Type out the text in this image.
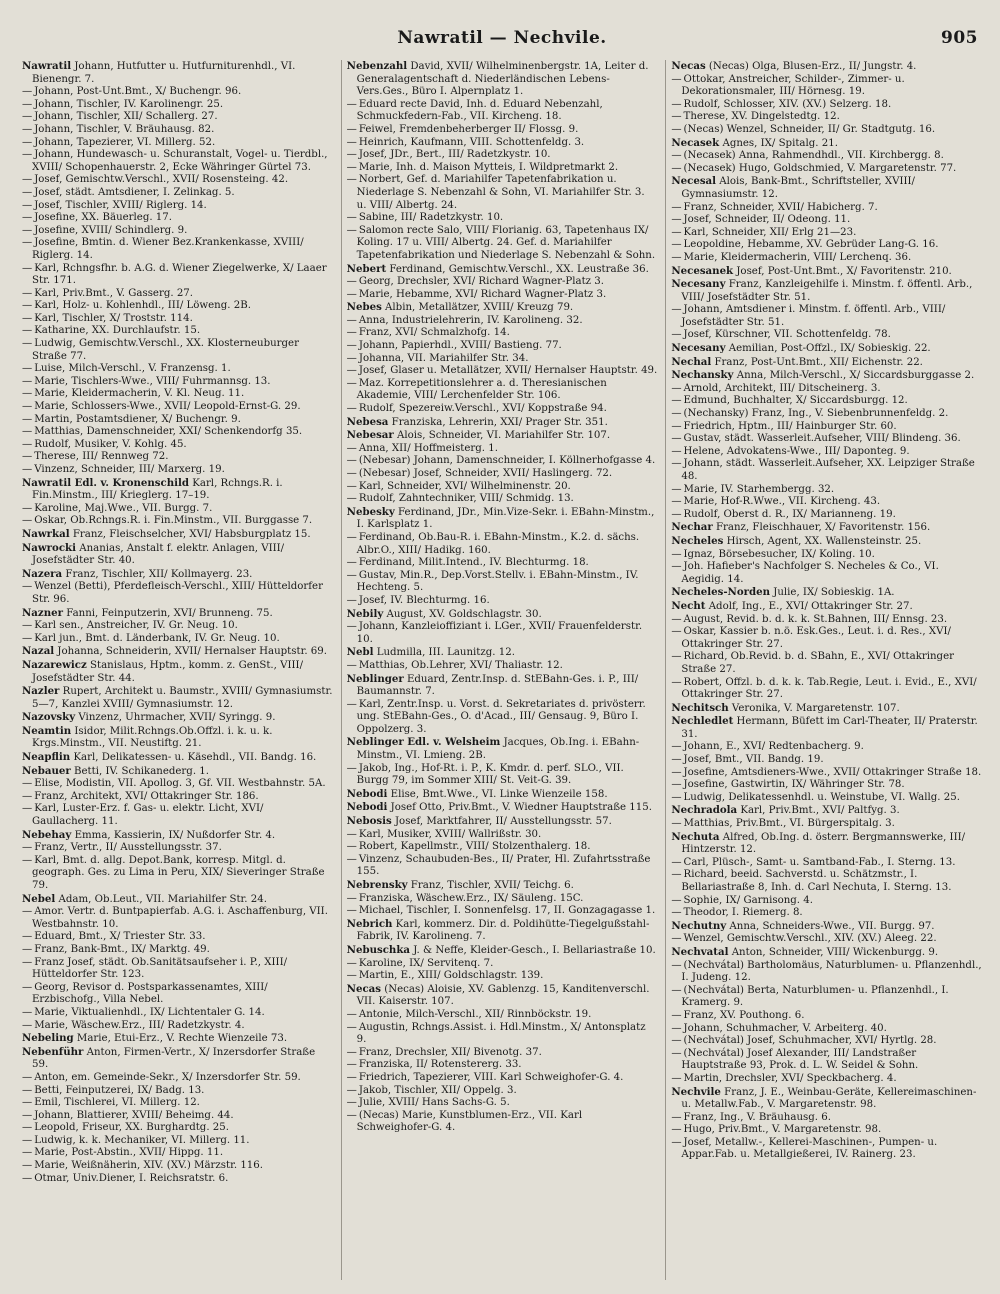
Nawratil — Nechvile.	905

Nawratil Johann, Hutfutter u. Hutfurniturenhdl., VI. Bienengr. 7.

— Johann, Post-Unt.Bmt., X/ Buchengr. 96.

— Johann, Tischler, IV. Karolinengr. 25.

— Johann, Tischler, XII/ Schallerg. 27.

— Johann, Tischler, V. Bräuhausg. 82.

— Johann, Tapezierer, VI. Millerg. 52.

— Johann, Hundewasch- u. Schuranstalt, Vogel- u. Tierdbl., XVIII/ Schopenhauerstr. 2, Ecke Währinger Gürtel 73.

— Josef, Gemischtw.Verschl., XVII/ Rosensteing. 42.

— Josef, städt. Amtsdiener, I. Zelinkag. 5.

— Josef, Tischler, XVIII/ Riglerg. 14.

— Josefine, XX. Bäuerleg. 17.

— Josefine, XVIII/ Schindlerg. 9.

— Josefine, Bmtin. d. Wiener Bez.Krankenkasse, XVIII/ Riglerg. 14.

— Karl, Rchngsfhr. b. A.G. d. Wiener Ziegelwerke, X/ Laaer Str. 171.

— Karl, Priv.Bmt., V. Gasserg. 27.

— Karl, Holz- u. Kohlenhdl., III/ Löweng. 2B.

— Karl, Tischler, X/ Troststr. 114.

— Katharine, XX. Durchlaufstr. 15.

— Ludwig, Gemischtw.Verschl., XX. Klosterneuburger Straße 77.

— Luise, Milch-Verschl., V. Franzensg. 1.

— Marie, Tischlers-Wwe., VIII/ Fuhrmannsg. 13.

— Marie, Kleidermacherin, V. Kl. Neug. 11.

— Marie, Schlossers-Wwe., XVII/ Leopold-Ernst-G. 29.

— Martin, Postamtsdiener, X/ Buchengr. 9.

— Matthias, Damenschneider, XXI/ Schenkendorfg 35.

— Rudolf, Musiker, V. Kohlg. 45.

— Therese, III/ Rennweg 72.

— Vinzenz, Schneider, III/ Marxerg. 19.

Nawratil Edl. v. Kronenschild Karl, Rchngs.R. i. Fin.Minstm., III/ Krieglerg. 17–19.

— Karoline, Maj.Wwe., VII. Burgg. 7.

— Oskar, Ob.Rchngs.R. i. Fin.Minstm., VII. Burggasse 7.

Nawrkal Franz, Fleischselcher, XVI/ Habsburgplatz 15.

Nawrocki Ananias, Anstalt f. elektr. Anlagen, VIII/ Josefstädter Str. 40.

Nazera Franz, Tischler, XII/ Kollmayerg. 23.

— Wenzel (Betti), Pferdefleisch-Verschl., XIII/ Hütteldorfer Str. 96.

Nazner Fanni, Feinputzerin, XVI/ Brunneng. 75.

— Karl sen., Anstreicher, IV. Gr. Neug. 10.

— Karl jun., Bmt. d. Länderbank, IV. Gr. Neug. 10.

Nazal Johanna, Schneiderin, XVII/ Hernalser Hauptstr. 69.

Nazarewicz Stanislaus, Hptm., komm. z. GenSt., VIII/ Josefstädter Str. 44.

Nazler Rupert, Architekt u. Baumstr., XVIII/ Gymnasiumstr. 5—7, Kanzlei XVIII/ Gymnasiumstr. 12.

Nazovsky Vinzenz, Uhrmacher, XVII/ Syringg. 9.

Neamtin Isidor, Milit.Rchngs.Ob.Offzl. i. k. u. k. Krgs.Minstm., VII. Neustiftg. 21.

Neapflin Karl, Delikatessen- u. Käsehdl., VII. Bandg. 16.

Nebauer Betti, IV. Schikanederg. 1.

— Elise, Modistin, VII. Apollog. 3, Gf. VII. Westbahnstr. 5A.

— Franz, Architekt, XVI/ Ottakringer Str. 186.

— Karl, Luster-Erz. f. Gas- u. elektr. Licht, XVI/ Gaullacherg. 11.

Nebehay Emma, Kassierin, IX/ Nußdorfer Str. 4.

— Franz, Vertr., II/ Ausstellungsstr. 37.

— Karl, Bmt. d. allg. Depot.Bank, korresp. Mitgl. d. geograph. Ges. zu Lima in Peru, XIX/ Sieveringer Straße 79.

Nebel Adam, Ob.Leut., VII. Mariahilfer Str. 24.

— Amor. Vertr. d. Buntpapierfab. A.G. i. Aschaffenburg, VII. Westbahnstr. 10.

— Eduard, Bmt., X/ Triester Str. 33.

— Franz, Bank-Bmt., IX/ Marktg. 49.

— Franz Josef, städt. Ob.Sanitätsaufseher i. P., XIII/ Hütteldorfer Str. 123.

— Georg, Revisor d. Postsparkassenamtes, XIII/ Erzbischofg., Villa Nebel.

— Marie, Viktualienhdl., IX/ Lichtentaler G. 14.

— Marie, Wäschew.Erz., III/ Radetzkystr. 4.

Nebeling Marie, Etui-Erz., V. Rechte Wienzeile 73.

Nebenführ Anton, Firmen-Vertr., X/ Inzersdorfer Straße 59.

— Anton, em. Gemeinde-Sekr., X/ Inzersdorfer Str. 59.

— Betti, Feinputzerei, IX/ Badg. 13.

— Emil, Tischlerei, VI. Millerg. 12.

— Johann, Blattierer, XVIII/ Beheimg. 44.

— Leopold, Friseur, XX. Burghardtg. 25.

— Ludwig, k. k. Mechaniker, VI. Millerg. 11.

— Marie, Post-Abstin., XVII/ Hippg. 11.

— Marie, Weißnäherin, XIV. (XV.) Märzstr. 116.

— Otmar, Univ.Diener, I. Reichsratstr. 6.

Nebenzahl David, XVII/ Wilhelminenbergstr. 1A, Leiter d. Generalagentschaft d. Niederländischen Lebens-Vers.Ges., Büro I. Alpernplatz 1.

— Eduard recte David, Inh. d. Eduard Nebenzahl, Schmuckfedern-Fab., VII. Kircheng. 18.

— Feiwel, Fremdenbeherberger II/ Flossg. 9.

— Heinrich, Kaufmann, VIII. Schottenfeldg. 3.

— Josef, JDr., Bert., III/ Radetzkystr. 10.

— Marie, Inh. d. Maison Mytteis, I. Wildpretmarkt 2.

— Norbert, Gef. d. Mariahilfer Tapetenfabrikation u. Niederlage S. Nebenzahl & Sohn, VI. Mariahilfer Str. 3. u. VIII/ Albertg. 24.

— Sabine, III/ Radetzkystr. 10.

— Salomon recte Salo, VIII/ Florianig. 63, Tapetenhaus IX/ Koling. 17 u. VIII/ Albertg. 24. Gef. d. Mariahilfer Tapetenfabrikation und Niederlage S. Nebenzahl & Sohn.

Nebert Ferdinand, Gemischtw.Verschl., XX. Leustraße 36.

— Georg, Drechsler, XVI/ Richard Wagner-Platz 3.

— Marie, Hebamme, XVI/ Richard Wagner-Platz 3.

Nebes Albin, Metallätzer, XVIII/ Kreuzg 79.

— Anna, Industrielehrerin, IV. Karolineng. 32.

— Franz, XVI/ Schmalzhofg. 14.

— Johann, Papierhdl., XVIII/ Bastieng. 77.

— Johanna, VII. Mariahilfer Str. 34.

— Josef, Glaser u. Metallätzer, XVII/ Hernalser Hauptstr. 49.

— Maz. Korrepetitionslehrer a. d. Theresianischen Akademie, VIII/ Lerchenfelder Str. 106.

— Rudolf, Spezereiw.Verschl., XVI/ Koppstraße 94.

Nebesa Franziska, Lehrerin, XXI/ Prager Str. 351.

Nebesar Alois, Schneider, VI. Mariahilfer Str. 107.

— Anna, XII/ Hoffmeisterg. 1.

— (Nebesar) Johann, Damenschneider, I. Köllnerhofgasse 4.

— (Nebesar) Josef, Schneider, XVII/ Haslingerg. 72.

— Karl, Schneider, XVI/ Wilhelminenstr. 20.

— Rudolf, Zahntechniker, VIII/ Schmidg. 13.

Nebesky Ferdinand, JDr., Min.Vize-Sekr. i. EBahn-Minstm., I. Karlsplatz 1.

— Ferdinand, Ob.Bau-R. i. EBahn-Minstm., K.2. d. sächs. Albr.O., XIII/ Hadikg. 160.

— Ferdinand, Milit.Intend., IV. Blechturmg. 18.

— Gustav, Min.R., Dep.Vorst.Stellv. i. EBahn-Minstm., IV. Hechteng. 5.

— Josef, IV. Blechturmg. 16.

Nebily August, XV. Goldschlagstr. 30.

— Johann, Kanzleioffiziant i. LGer., XVII/ Frauenfelderstr. 10.

Nebl Ludmilla, III. Launitzg. 12.

— Matthias, Ob.Lehrer, XVI/ Thaliastr. 12.

Neblinger Eduard, Zentr.Insp. d. StEBahn-Ges. i. P., III/ Baumannstr. 7.

— Karl, Zentr.Insp. u. Vorst. d. Sekretariates d. privösterr. ung. StEBahn-Ges., O. d'Acad., III/ Gensaug. 9, Büro I. Oppolzerg. 3.

Neblinger Edl. v. Welsheim Jacques, Ob.Ing. i. EBahn-Minstm., VI. Lmieng. 2B.

— Jakob, Ing., Hof-Rt. i. P., K. Kmdr. d. perf. SLO., VII. Burgg 79, im Sommer XIII/ St. Veit-G. 39.

Nebodi Elise, Bmt.Wwe., VI. Linke Wienzeile 158.

Nebodi Josef Otto, Priv.Bmt., V. Wiedner Hauptstraße 115.

Nebosis Josef, Marktfahrer, II/ Ausstellungsstr. 57.

— Karl, Musiker, XVIII/ Wallrißstr. 30.

— Robert, Kapellmstr., VIII/ Stolzenthalerg. 18.

— Vinzenz, Schaubuden-Bes., II/ Prater, Hl. Zufahrtsstraße 155.

Nebrensky Franz, Tischler, XVII/ Teichg. 6.

— Franziska, Wäschew.Erz., IX/ Säuleng. 15C.

— Michael, Tischler, I. Sonnenfelsg. 17, II. Gonzagagasse 1.

Nebrich Karl, kommerz. Dir. d. Poldihütte-Tiegelgußstahl-Fabrik, IV. Karolineng. 7.

Nebuschka J. & Neffe, Kleider-Gesch., I. Bellariastraße 10.

— Karoline, IX/ Servitenq. 7.

— Martin, E., XIII/ Goldschlagstr. 139.

Necas (Necas) Aloisie, XV. Gablenzg. 15, Kanditenverschl. VII. Kaiserstr. 107.

— Antonie, Milch-Verschl., XII/ Rinnböckstr. 19.

— Augustin, Rchngs.Assist. i. Hdl.Minstm., X/ Antonsplatz 9.

— Franz, Drechsler, XII/ Bivenotg. 37.

— Franziska, II/ Rotenstererg. 33.

— Friedrich, Tapezierer, VIII. Karl Schweighofer-G. 4.

— Jakob, Tischler, XII/ Oppelg. 3.

— Julie, XVIII/ Hans Sachs-G. 5.

— (Necas) Marie, Kunstblumen-Erz., VII. Karl Schweighofer-G. 4.

Necas (Necas) Olga, Blusen-Erz., II/ Jungstr. 4.

— Ottokar, Anstreicher, Schilder-, Zimmer- u. Dekorationsmaler, III/ Hörnesg. 19.

— Rudolf, Schlosser, XIV. (XV.) Selzerg. 18.

— Therese, XV. Dingelstedtg. 12.

— (Necas) Wenzel, Schneider, II/ Gr. Stadtgutg. 16.

Necasek Agnes, IX/ Spitalg. 21.

— (Necasek) Anna, Rahmendhdl., VII. Kirchbergg. 8.

— (Necasek) Hugo, Goldschmied, V. Margaretenstr. 77.

Necesal Alois, Bank-Bmt., Schriftsteller, XVIII/ Gymnasiumstr. 12.

— Franz, Schneider, XVII/ Habicherg. 7.

— Josef, Schneider, II/ Odeong. 11.

— Karl, Schneider, XII/ Erlg 21—23.

— Leopoldine, Hebamme, XV. Gebrüder Lang-G. 16.

— Marie, Kleidermacherin, VIII/ Lerchenq. 36.

Necesanek Josef, Post-Unt.Bmt., X/ Favoritenstr. 210.

Necesany Franz, Kanzleigehilfe i. Minstm. f. öffentl. Arb., VIII/ Josefstädter Str. 51.

— Johann, Amtsdiener i. Minstm. f. öffentl. Arb., VIII/ Josefstädter Str. 51.

— Josef, Kürschner, VII. Schottenfeldg. 78.

Necesany Aemilian, Post-Offzl., IX/ Sobieskig. 22.

Nechal Franz, Post-Unt.Bmt., XII/ Eichenstr. 22.

Nechansky Anna, Milch-Verschl., X/ Siccardsburggasse 2.

— Arnold, Architekt, III/ Ditscheinerg. 3.

— Edmund, Buchhalter, X/ Siccardsburgg. 12.

— (Nechansky) Franz, Ing., V. Siebenbrunnenfeldg. 2.

— Friedrich, Hptm., III/ Hainburger Str. 60.

— Gustav, städt. Wasserleit.Aufseher, VIII/ Blindeng. 36.

— Helene, Advokatens-Wwe., III/ Daponteg. 9.

— Johann, städt. Wasserleit.Aufseher, XX. Leipziger Straße 48.

— Marie, IV. Starhembergg. 32.

— Marie, Hof-R.Wwe., VII. Kircheng. 43.

— Rudolf, Oberst d. R., IX/ Marianneng. 19.

Nechar Franz, Fleischhauer, X/ Favoritenstr. 156.

Necheles Hirsch, Agent, XX. Wallensteinstr. 25.

— Ignaz, Börsebesucher, IX/ Koling. 10.

— Joh. Hafieber's Nachfolger S. Necheles & Co., VI. Aegidig. 14.

Necheles-Norden Julie, IX/ Sobieskig. 1A.

Necht Adolf, Ing., E., XVI/ Ottakringer Str. 27.

— August, Revid. b. d. k. k. St.Bahnen, III/ Ennsg. 23.

— Oskar, Kassier b. n.ö. Esk.Ges., Leut. i. d. Res., XVI/ Ottakringer Str. 27.

— Richard, Ob.Revid. b. d. SBahn, E., XVI/ Ottakringer Straße 27.

— Robert, Offzl. b. d. k. k. Tab.Regie, Leut. i. Evid., E., XVI/ Ottakringer Str. 27.

Nechitsch Veronika, V. Margaretenstr. 107.

Nechledlet Hermann, Büfett im Carl-Theater, II/ Praterstr. 31.

— Johann, E., XVI/ Redtenbacherg. 9.

— Josef, Bmt., VII. Bandg. 19.

— Josefine, Amtsdieners-Wwe., XVII/ Ottakringer Straße 18.

— Josefine, Gastwirtin, IX/ Währinger Str. 78.

— Ludwig, Delikatessenhdl. u. Weinstube, VI. Wallg. 25.

Nechradola Karl, Priv.Bmt., XVI/ Paltfyg. 3.

— Matthias, Priv.Bmt., VI. Bürgerspitalg. 3.

Nechuta Alfred, Ob.Ing. d. österr. Bergmannswerke, III/ Hintzerstr. 12.

— Carl, Plüsch-, Samt- u. Samtband-Fab., I. Sterng. 13.

— Richard, beeid. Sachverstd. u. Schätzmstr., I. Bellariastraße 8, Inh. d. Carl Nechuta, I. Sterng. 13.

— Sophie, IX/ Garnisong. 4.

— Theodor, I. Riemerg. 8.

Nechutny Anna, Schneiders-Wwe., VII. Burgg. 97.

— Wenzel, Gemischtw.Verschl., XIV. (XV.) Aleeg. 22.

Nechvatal Anton, Schneider, VIII/ Wickenburgg. 9.

— (Nechvátal) Bartholomäus, Naturblumen- u. Pflanzenhdl., I. Judeng. 12.

— (Nechvátal) Berta, Naturblumen- u. Pflanzenhdl., I. Kramerg. 9.

— Franz, XV. Pouthong. 6.

— Johann, Schuhmacher, V. Arbeiterg. 40.

— (Nechvátal) Josef, Schuhmacher, XVI/ Hyrtlg. 28.

— (Nechvátal) Josef Alexander, III/ Landstraßer Hauptstraße 93, Prok. d. L. W. Seidel & Sohn.

— Martin, Drechsler, XVI/ Speckbacherg. 4.

Nechvile Franz, J. E., Weinbau-Geräte, Kellereimaschinen- u. Metallw.Fab., V. Margaretenstr. 98.

— Franz, Ing., V. Bräuhausg. 6.

— Hugo, Priv.Bmt., V. Margaretenstr. 98.

— Josef, Metallw.-, Kellerei-Maschinen-, Pumpen- u. Appar.Fab. u. Metallgießerei, IV. Rainerg. 23.
